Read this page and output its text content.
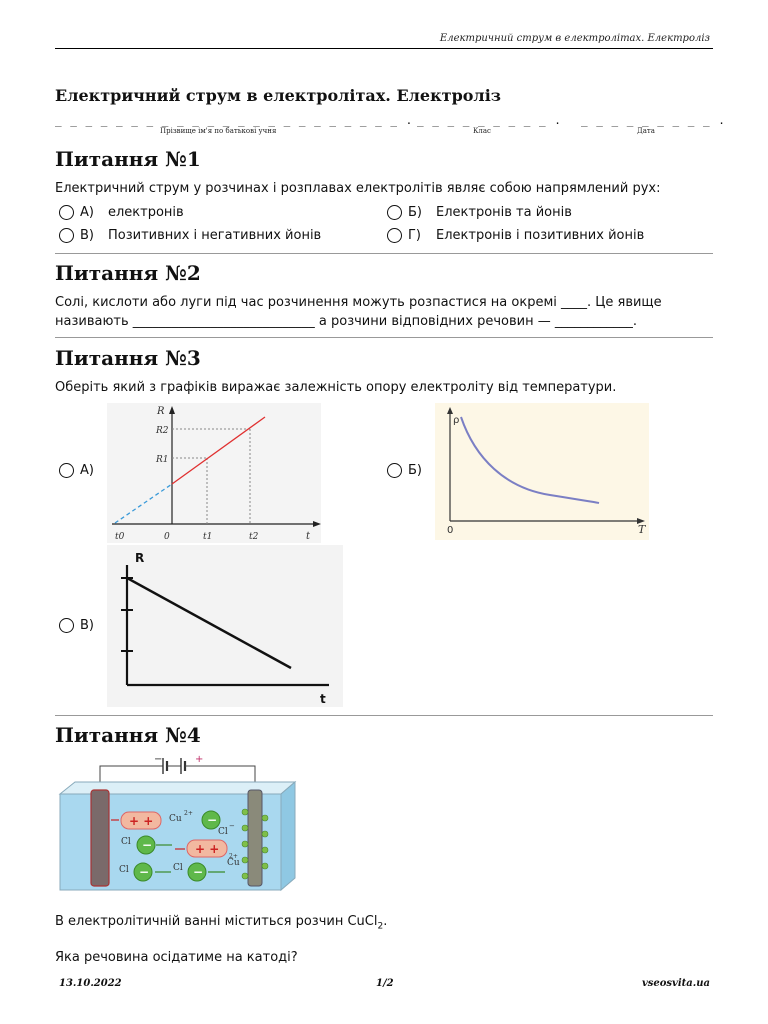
Електричний струм в електролітах. Електроліз
Електричний струм в електролітах. Електроліз
_ _ _ _ _ _ _ _ _ _ _ _ _ _ _ _ _ _ _ _ _ _ _ .
Прізвище ім'я по батькові учня
_ _ _ _ _ _ _ _ _ .
Клас
_ _ _ _ _ _ _ _ _ .
Дата
Питання №1
Електричний струм у розчинах і розплавах електролітів являє собою напрямлений рух:
А)	електронів	Б)	Електронів та йонів
В)	Позитивних і негативних йонів	Г)	Електронів і позитивних йонів
Питання №2
Солі, кислоти або луги під час розчинення можуть розпастися на окремі ____. Це явище
називають ____________________________ а розчини відповідних речовин — ____________.
Питання №3
Оберіть який з графіків виражає залежність опору електроліту від температури.
А)	Б)
В)
R
R2
R1
t0	0	t1	t2	t
ρ
0	T
R
t
Питання №4
−	+
+ + Cu
2+ −
Cl
−
−
Cl	+ +
Cu
2+
Cl −	Cl −
В електролітичній ванні міститься розчин CuCl$_2$.
Яка речовина осідатиме на катоді?
13.10.2022	1/2	vseosvita.ua
